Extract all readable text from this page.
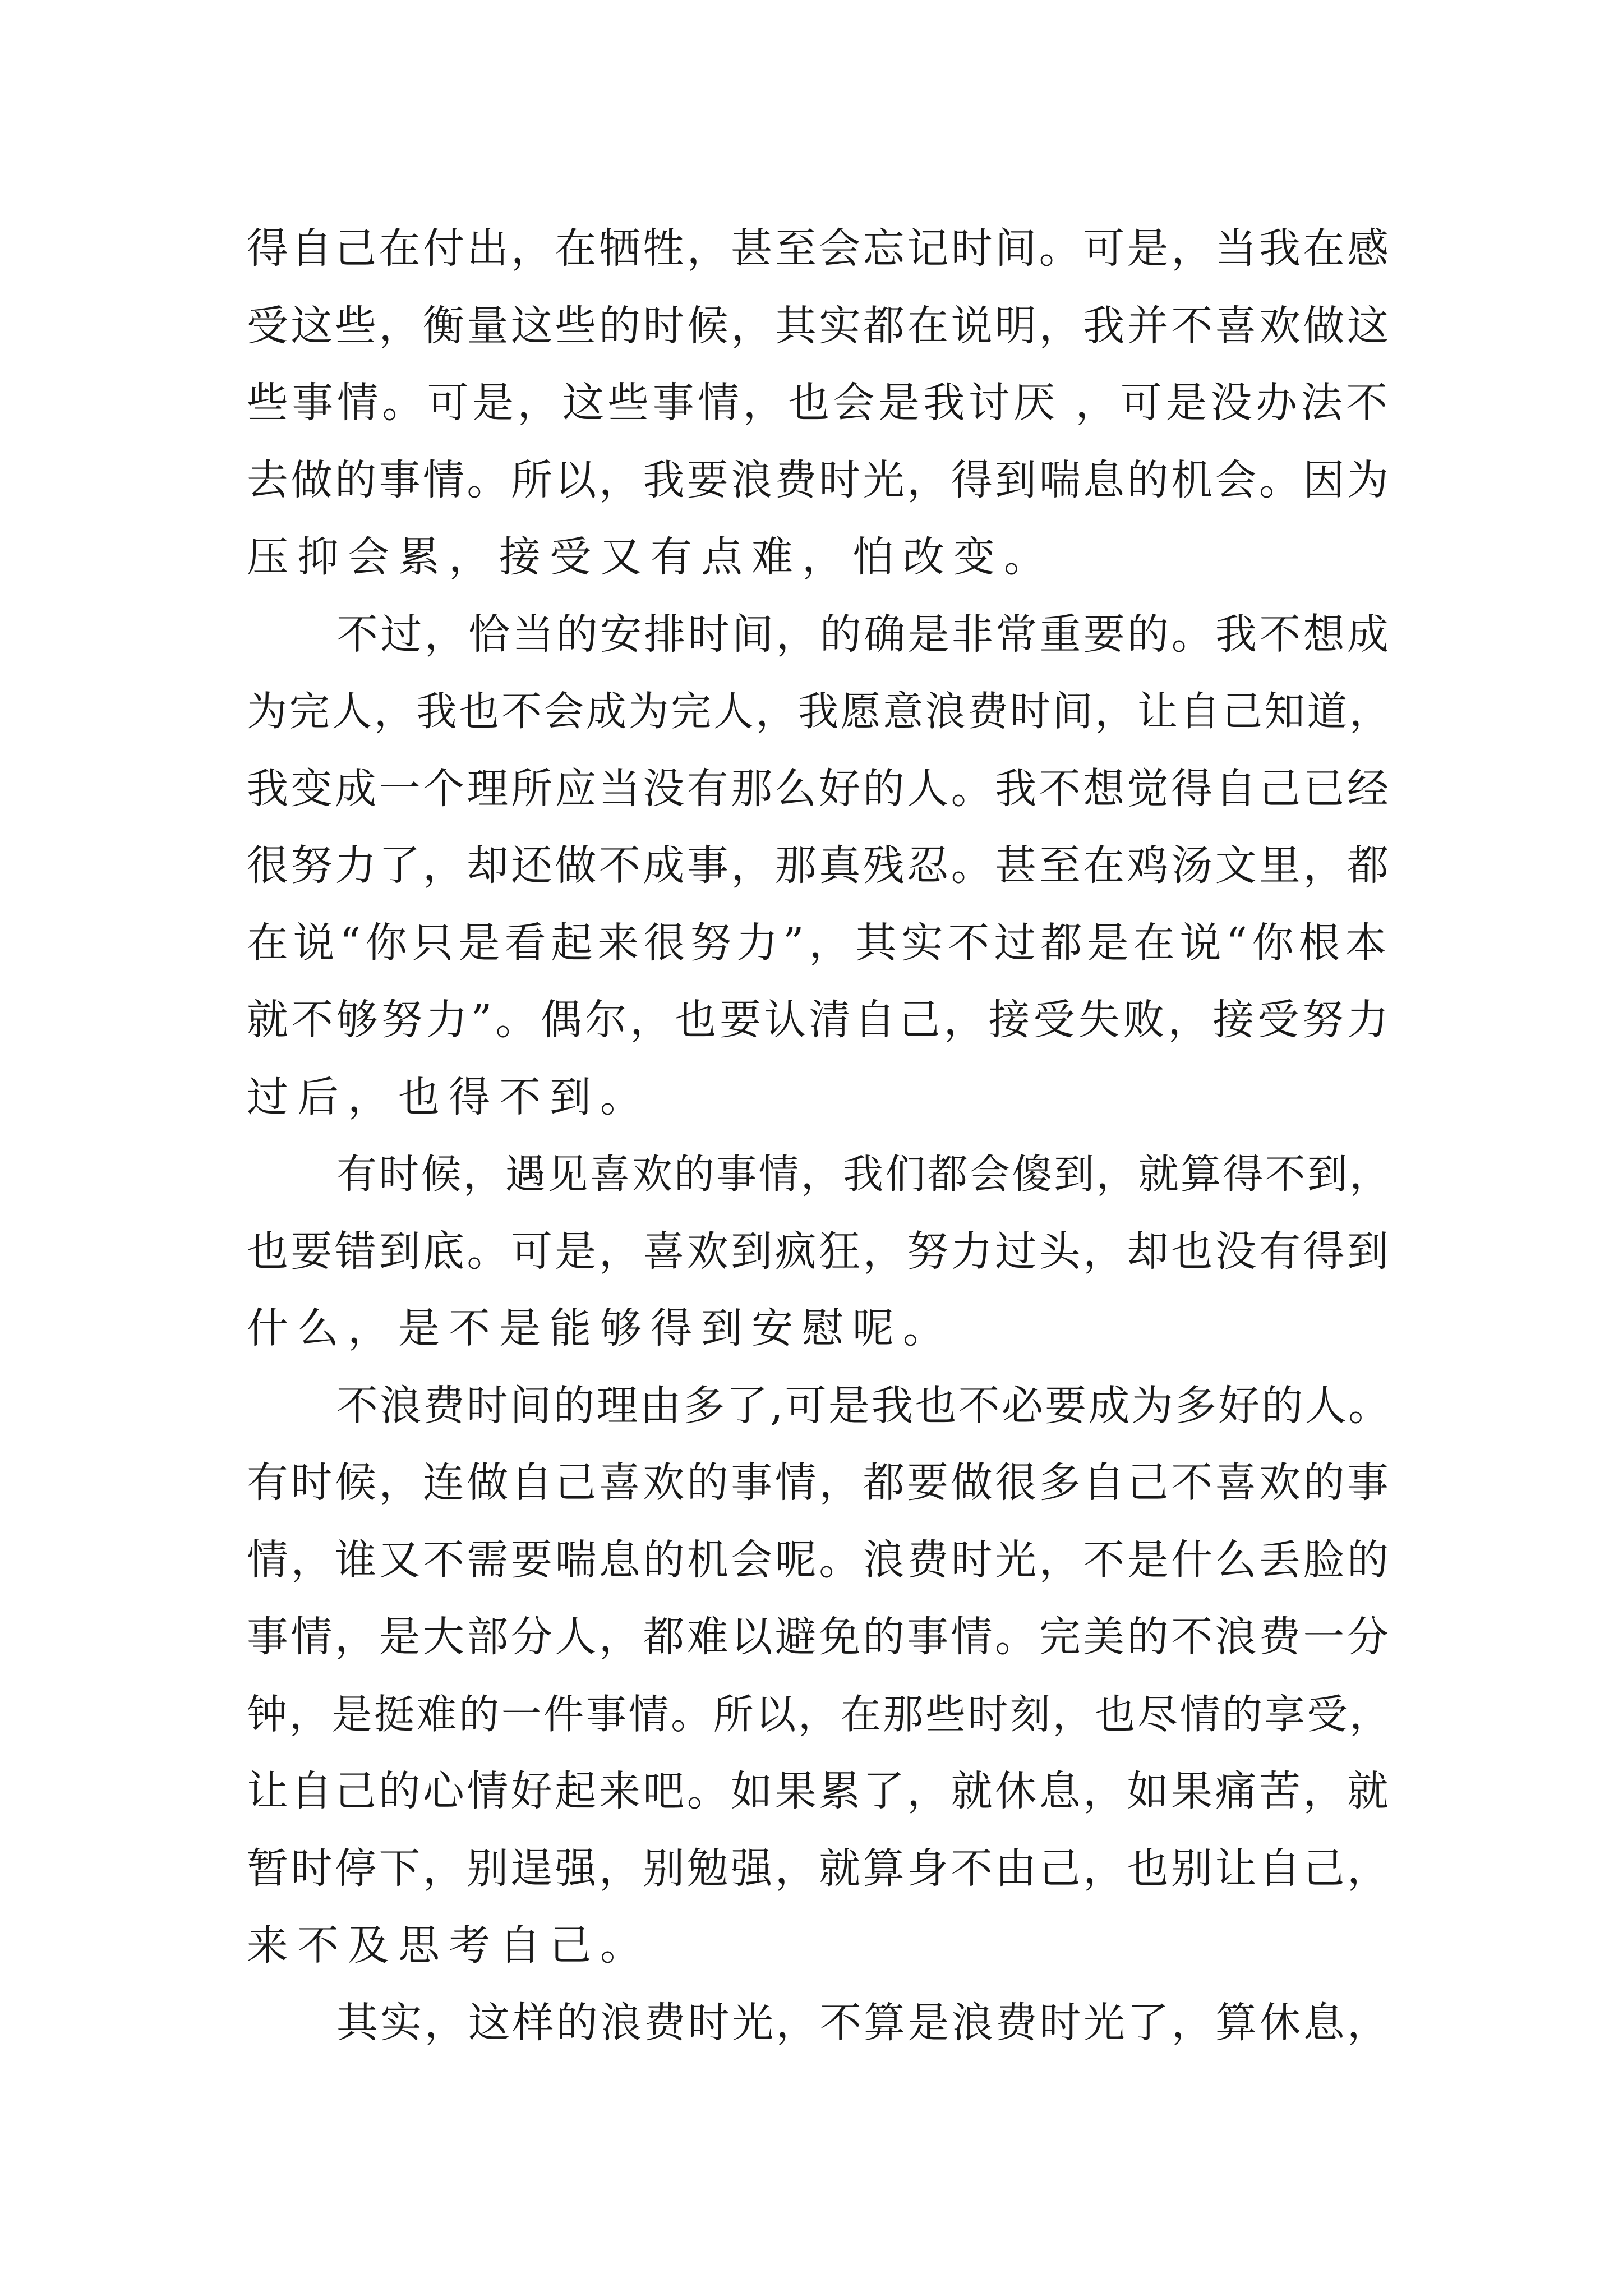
得自己在付出，在牺牲，甚至会忘记时间。可是，当我在感
受这些，衡量这些的时候，其实都在说明，我并不喜欢做这
些事情。可是，这些事情，也会是我讨厌 ，可是没办法不
去做的事情。所以，我要浪费时光，得到喘息的机会。因为
压抑会累，接受又有点难，怕改变。
不过，恰当的安排时间，的确是非常重要的。我不想成
为完人，我也不会成为完人，我愿意浪费时间，让自己知道，
我变成一个理所应当没有那么好的人。我不想觉得自己已经
很努力了，却还做不成事，那真残忍。甚至在鸡汤文里，都
在说“你只是看起来很努力”，其实不过都是在说“你根本
就不够努力”。偶尔，也要认清自己，接受失败，接受努力
过后，也得不到。
有时候，遇见喜欢的事情，我们都会傻到，就算得不到，
也要错到底。可是，喜欢到疯狂，努力过头，却也没有得到
什么，是不是能够得到安慰呢。
不浪费时间的理由多了,可是我也不必要成为多好的人。
有时候，连做自己喜欢的事情，都要做很多自己不喜欢的事
情，谁又不需要喘息的机会呢。浪费时光，不是什么丢脸的
事情，是大部分人，都难以避免的事情。完美的不浪费一分
钟，是挺难的一件事情。所以，在那些时刻，也尽情的享受，
让自己的心情好起来吧。如果累了，就休息，如果痛苦，就
暂时停下，别逞强，别勉强，就算身不由己，也别让自己，
来不及思考自己。
其实，这样的浪费时光，不算是浪费时光了，算休息，
